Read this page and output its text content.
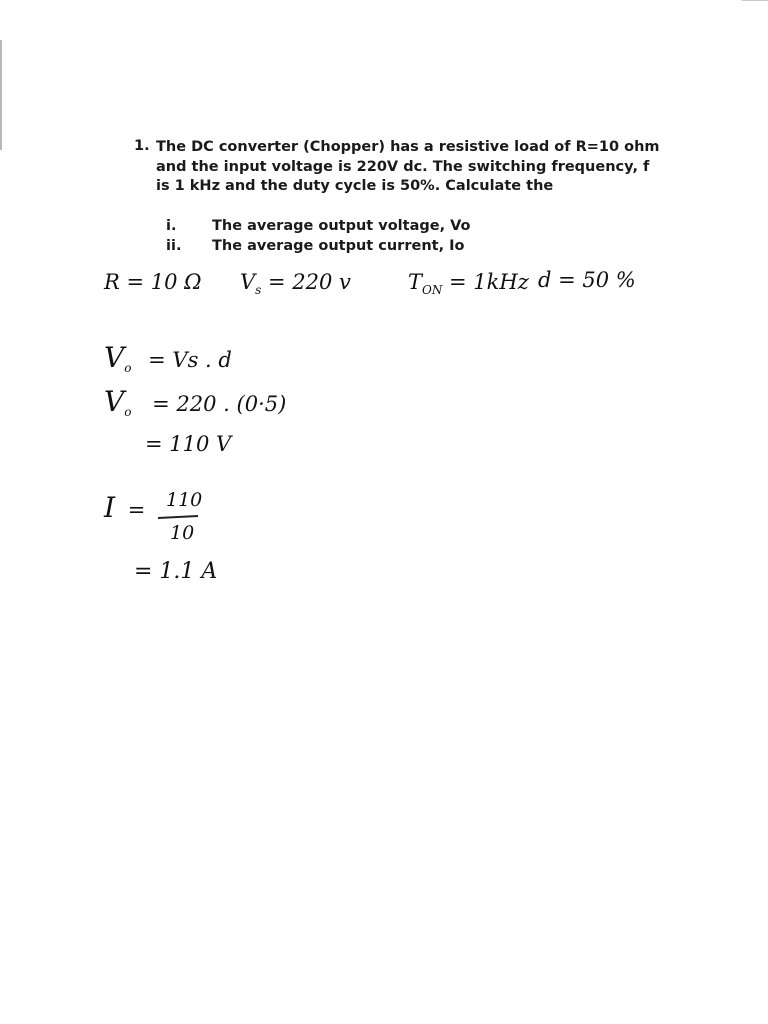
1. The DC converter (Chopper) has a resistive load of R=10 ohm and the input voltage is 220V dc. The switching frequency, f is 1 kHz and the duty cycle is 50%. Calculate the
i. The average output voltage, Vo
ii. The average output current, Io
R = 10 Ω $V_s = 220$ v	$T_{ON} = 1kHz$ d = 50 %
$V_o = Vs$ . d
$V_o = 220$ . (0·5)
= 110 V
I = 110
10
= 1.1 A
